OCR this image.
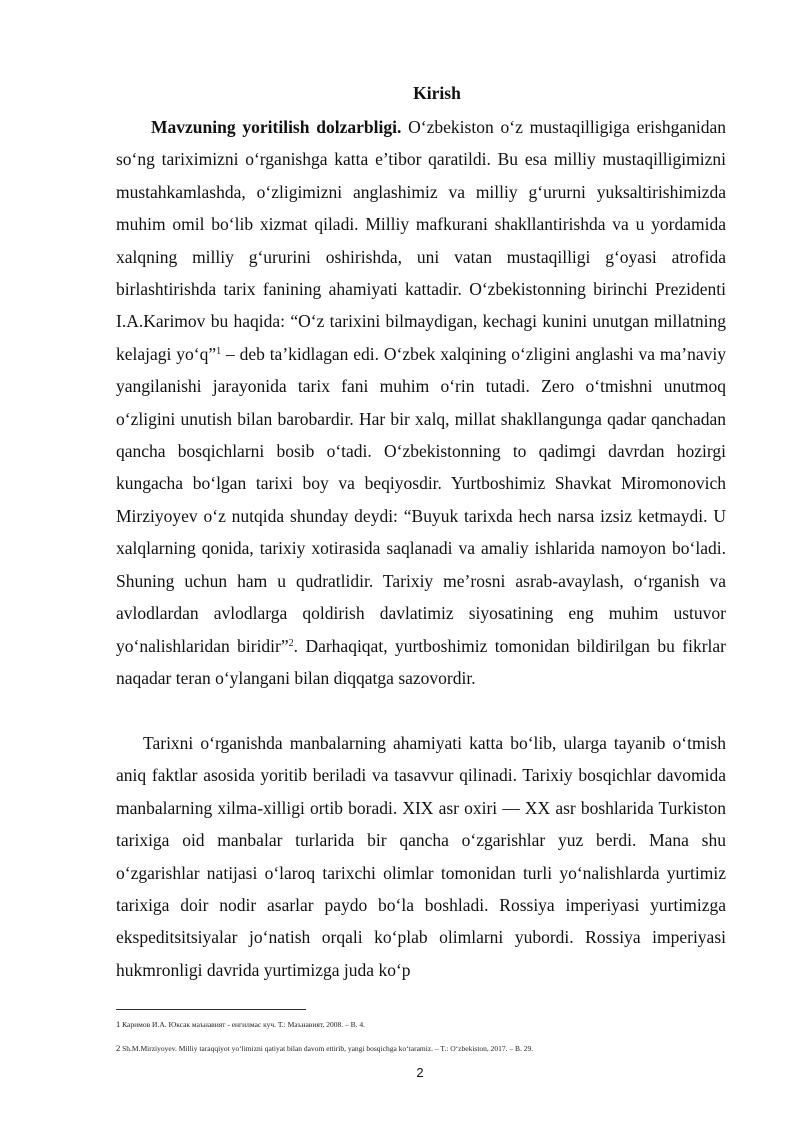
Kirish

Mavzuning yoritilish dolzarbligi. O‘zbekiston o‘z mustaqilligiga erishganidan so‘ng tariximizni o‘rganishga katta e’tibor qaratildi. Bu esa milliy mustaqilligimizni mustahkamlashda, o‘zligimizni anglashimiz va milliy g‘ururni yuksaltirishimizda muhim omil bo‘lib xizmat qiladi. Milliy mafkurani shakllantirishda va u yordamida xalqning milliy g‘ururini oshirishda, uni vatan mustaqilligi g‘oyasi atrofida birlashtirishda tarix fanining ahamiyati kattadir. O‘zbekistonning birinchi Prezidenti I.A.Karimov bu haqida: “O‘z tarixini bilmaydigan, kechagi kunini unutgan millatning kelajagi yo‘q”$^1$ – deb ta’kidlagan edi. O‘zbek xalqining o‘zligini anglashi va ma’naviy yangilanishi jarayonida tarix fani muhim o‘rin tutadi. Zero o‘tmishni unutmoq o‘zligini unutish bilan barobardir. Har bir xalq, millat shakllangunga qadar qanchadan qancha bosqichlarni bosib o‘tadi. O‘zbekistonning to qadimgi davrdan hozirgi kungacha bo‘lgan tarixi boy va beqiyosdir. Yurtboshimiz Shavkat Miromonovich Mirziyoyev o‘z nutqida shunday deydi: “Buyuk tarixda hech narsa izsiz ketmaydi. U xalqlarning qonida, tarixiy xotirasida saqlanadi va amaliy ishlarida namoyon bo‘ladi. Shuning uchun ham u qudratlidir. Tarixiy me’rosni asrab-avaylash, o‘rganish va avlodlardan avlodlarga qoldirish davlatimiz siyosatining eng muhim ustuvor yo‘nalishlaridan biridir”$^2$. Darhaqiqat, yurtboshimiz tomonidan bildirilgan bu fikrlar naqadar teran o‘ylangani bilan diqqatga sazovordir.

Tarixni o‘rganishda manbalarning ahamiyati katta bo‘lib, ularga tayanib o‘tmish aniq faktlar asosida yoritib beriladi va tasavvur qilinadi. Tarixiy bosqichlar davomida manbalarning xilma-xilligi ortib boradi. XIX asr oxiri — XX asr boshlarida Turkiston tarixiga oid manbalar turlarida bir qancha o‘zgarishlar yuz berdi. Mana shu o‘zgarishlar natijasi o‘laroq tarixchi olimlar tomonidan turli yo‘nalishlarda yurtimiz tarixiga doir nodir asarlar paydo bo‘la boshladi. Rossiya imperiyasi yurtimizga ekspeditsitsiyalar jo‘natish orqali ko‘plab olimlarni yubordi. Rossiya imperiyasi hukmronligi davrida yurtimizga juda ko‘p

1 Каримов И.А. Юксак маънавият - енгилмас куч. Т.: Маънавият, 2008. – B. 4.
2 Sh.M.Mirziyoyev. Milliy taraqqiyot yo‘limizni qatiyat bilan davom ettirib, yangi bosqichga ko‘taramiz. – T.: O‘zbekiston, 2017. – B. 29.
2
